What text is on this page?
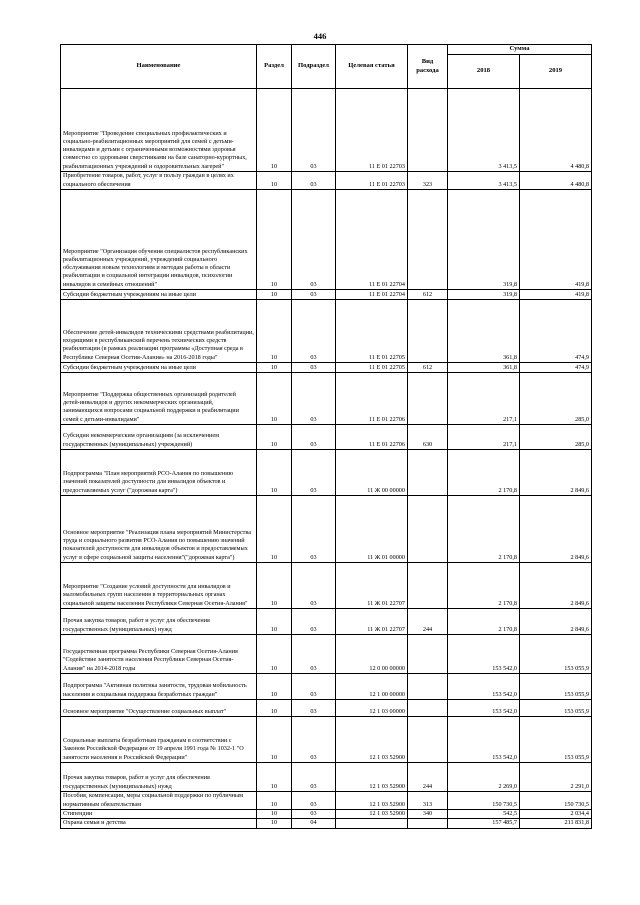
446
Наименование	Раздел	Подраздел	Целевая статья	Вид расхода	Сумма	
					2018	2019
Мероприятие "Проведение специальных профилактических и социально-реабилитационных мероприятий для семей с детьми-инвалидами и детьми с ограниченными возможностями здоровья совместно со здоровыми сверстниками на базе санаторно-курортных, реабилитационных учреждений и оздоровительных лагерей"	10	03	11 Е 01 22703		3 413,5	4 480,8
Приобретение товаров, работ, услуг в пользу граждан в целях их социального обеспечения	10	03	11 Е 01 22703	323	3 413,5	4 480,8
Мероприятие "Организация обучения специалистов республиканских реабилитационных учреждений, учреждений социального обслуживания новым технологиям и методам работы в области реабилитации и социальной интеграции инвалидов, психологии инвалидов и семейных отношений"	10	03	11 Е 01 22704		319,8	419,8
Субсидии бюджетным учреждениям на иные цели	10	03	11 Е 01 22704	612	319,8	419,8
Обеспечение детей-инвалидов техническими средствами реабилитации, входящими в республиканский перечень технических средств реабилитации (в рамках реализации программы «Доступная среда в Республике Северная Осетия-Алания» на 2016-2018 годы"	10	03	11 Е 01 22705		361,8	474,9
Субсидии бюджетным учреждениям на иные цели	10	03	11 Е 01 22705	612	361,8	474,9
Мероприятие "Поддержка общественных организаций родителей детей-инвалидов и других некоммерческих организаций, занимающихся вопросами социальной поддержки и реабилитации семей с детьми-инвалидами"	10	03	11 Е 01 22706		217,1	285,0
Субсидии некоммерческим организациям (за исключением государственных (муниципальных) учреждений)	10	03	11 Е 01 22706	630	217,1	285,0
Подпрограмма "План мероприятий РСО-Алания по повышению значений показателей доступности для инвалидов объектов и предоставляемых услуг ("дорожная карта")	10	03	11 Ж 00 00000		2 170,8	2 849,6
Основное мероприятие "Реализация плана мероприятий Министерства труда и социального развития РСО-Алания по повышению значений показателей доступности для инвалидов объектов и предоставляемых услуг в сфере социальной защиты населения"("дорожная карта")	10	03	11 Ж 01 00000		2 170,8	2 849,6
Мероприятие "Создание условий доступности для инвалидов и маломобильных групп населения в территориальных органах социальной защиты населения Республики Северная Осетия-Алания"	10	03	11 Ж 01 22707		2 170,8	2 849,6
Прочая закупка товаров, работ и услуг для обеспечения государственных (муниципальных) нужд	10	03	11 Ж 01 22707	244	2 170,8	2 849,6
Государственная программа Республики Северная Осетия-Алания "Содействие занятости населения Республики Северная Осетия-Алания" на 2014-2018 годы	10	03	12 0 00 00000		153 542,0	153 055,9
Подпрограмма "Активная политика занятости, трудовая мобильность населения и социальная поддержка безработных граждан"	10	03	12 1 00 00000		153 542,0	153 055,9
Основное мероприятие "Осуществление социальных выплат"	10	03	12 1 03 00000		153 542,0	153 055,9
Социальные выплаты безработным гражданам в соответствии с Законом Российской Федерации от 19 апреля 1991 года № 1032-1 "О занятости населения в Российской Федерации"	10	03	12 1 03 52900		153 542,0	153 055,9
Прочая закупка товаров, работ и услуг для обеспечения государственных (муниципальных) нужд	10	03	12 1 03 52900	244	2 269,0	2 291,0
Пособия, компенсации, меры социальной поддержки по публичным нормативным обязательствам	10	03	12 1 03 52900	313	150 730,5	150 730,5
Стипендии	10	03	12 1 03 52900	340	542,5	2 034,4
Охрана семьи и детства	10	04			157 485,7	211 831,8
